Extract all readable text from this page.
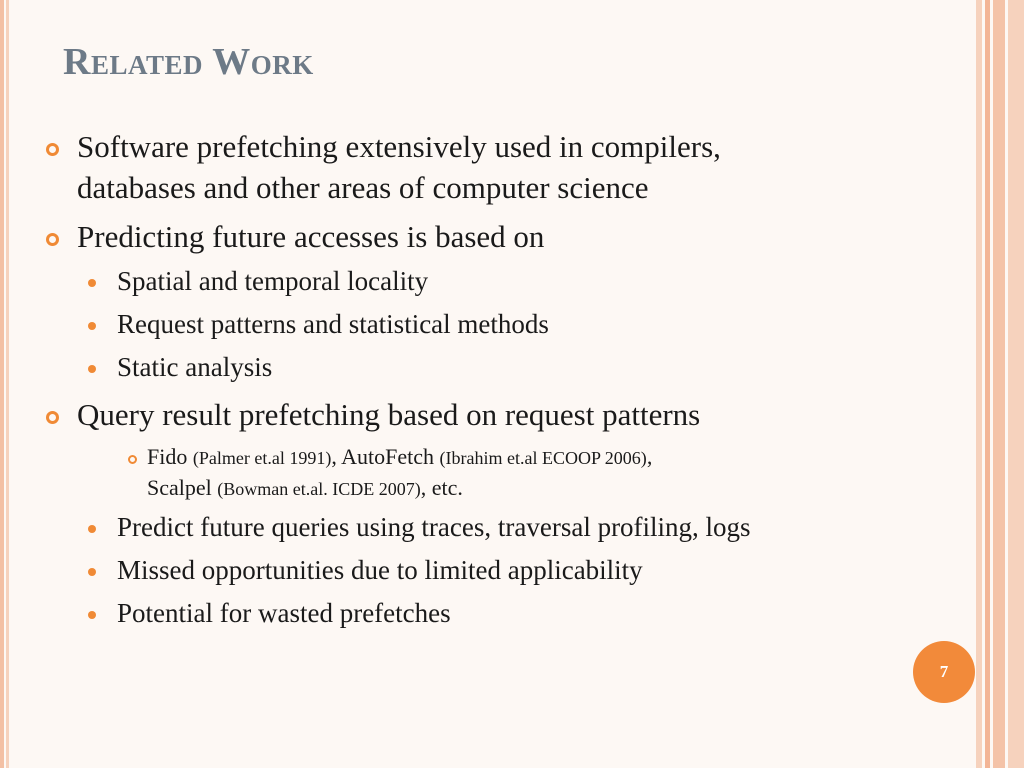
Related Work
Software prefetching extensively used in compilers,
databases and other areas of computer science
Predicting future accesses is based on
Spatial and temporal locality
Request patterns and statistical methods
Static analysis
Query result prefetching based on request patterns
Fido (Palmer et.al 1991), AutoFetch (Ibrahim et.al ECOOP 2006),
Scalpel (Bowman et.al. ICDE 2007), etc.
Predict future queries using traces, traversal profiling, logs
Missed opportunities due to limited applicability
Potential for wasted prefetches
7
